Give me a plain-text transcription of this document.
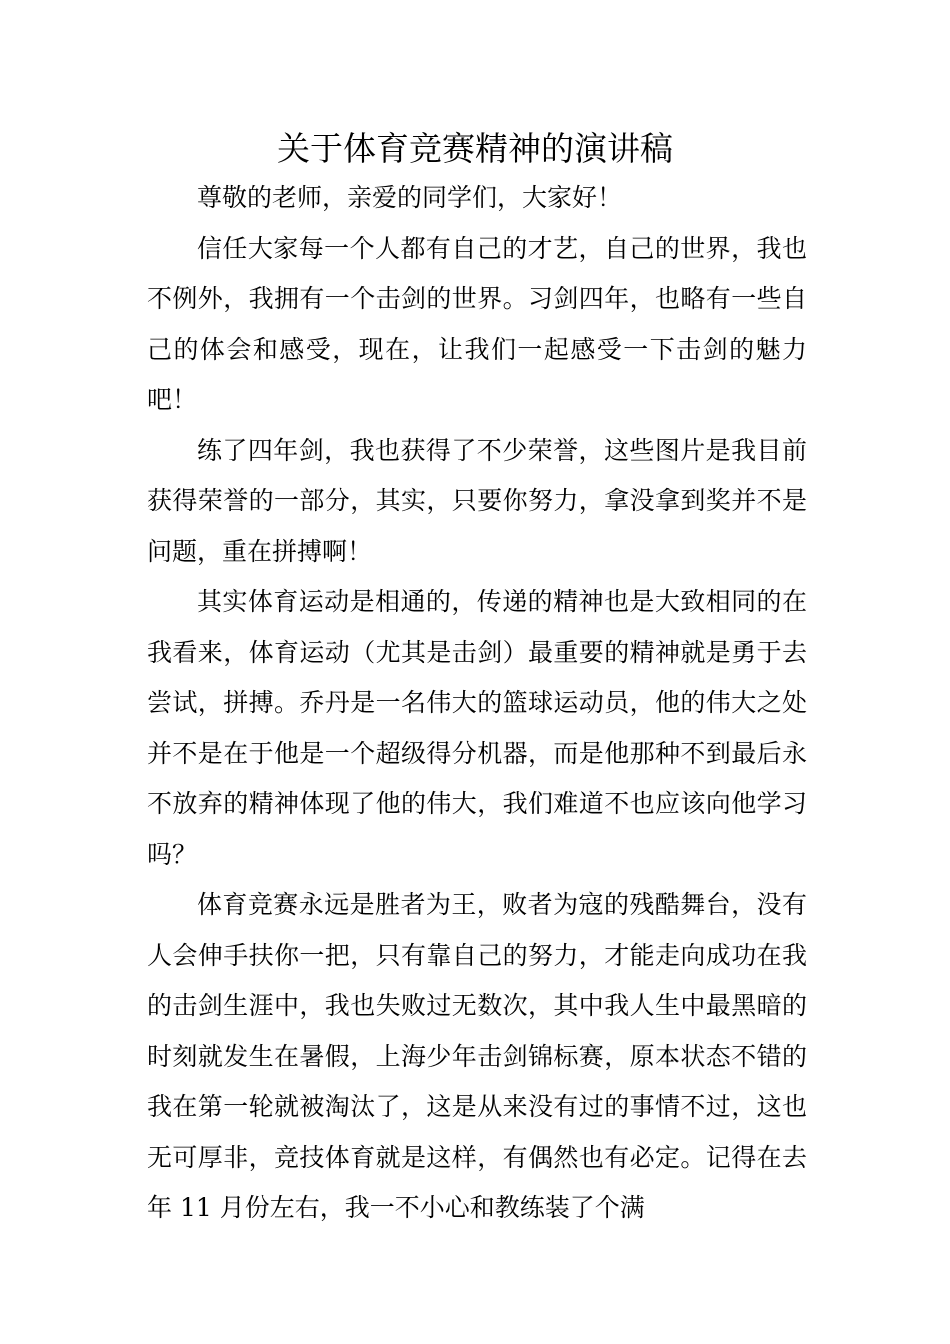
关于体育竞赛精神的演讲稿

尊敬的老师，亲爱的同学们，大家好！

信任大家每一个人都有自己的才艺，自己的世界，我也不例外，我拥有一个击剑的世界。习剑四年，也略有一些自己的体会和感受，现在，让我们一起感受一下击剑的魅力吧！

练了四年剑，我也获得了不少荣誉，这些图片是我目前获得荣誉的一部分，其实，只要你努力，拿没拿到奖并不是问题，重在拼搏啊！

其实体育运动是相通的，传递的精神也是大致相同的在我看来，体育运动（尤其是击剑）最重要的精神就是勇于去尝试，拼搏。乔丹是一名伟大的篮球运动员，他的伟大之处并不是在于他是一个超级得分机器，而是他那种不到最后永不放弃的精神体现了他的伟大，我们难道不也应该向他学习吗？

体育竞赛永远是胜者为王，败者为寇的残酷舞台，没有人会伸手扶你一把，只有靠自己的努力，才能走向成功在我的击剑生涯中，我也失败过无数次，其中我人生中最黑暗的时刻就发生在暑假，上海少年击剑锦标赛，原本状态不错的我在第一轮就被淘汰了，这是从来没有过的事情不过，这也无可厚非，竞技体育就是这样，有偶然也有必定。记得在去年 11 月份左右，我一不小心和教练装了个满
